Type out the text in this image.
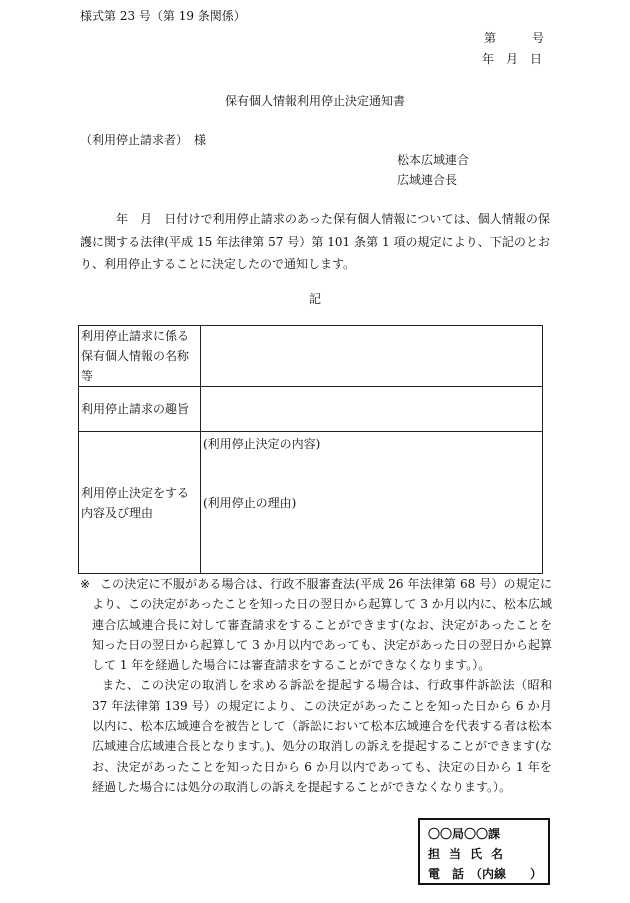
様式第 23 号（第 19 条関係）
第　　　号
年　月　日
保有個人情報利用停止決定通知書
（利用停止請求者）　様
松本広域連合
広域連合長
年　月　日付けで利用停止請求のあった保有個人情報については、個人情報の保護に関する法律(平成 15 年法律第 57 号）第 101 条第 1 項の規定により、下記のとおり、利用停止することに決定したので通知します。
記
利用停止請求に係る保有個人情報の名称等	
利用停止請求の趣旨	
利用停止決定をする内容及び理由	(利用停止決定の内容)
(利用停止の理由)
※ この決定に不服がある場合は、行政不服審査法(平成 26 年法律第 68 号）の規定により、この決定があったことを知った日の翌日から起算して 3 か月以内に、松本広域連合広域連合長に対して審査請求をすることができます(なお、決定があったことを知った日の翌日から起算して 3 か月以内であっても、決定があった日の翌日から起算して 1 年を経過した場合には審査請求をすることができなくなります。）。

また、この決定の取消しを求める訴訟を提起する場合は、行政事件訴訟法（昭和 37 年法律第 139 号）の規定により、この決定があったことを知った日から 6 か月以内に、松本広域連合を被告として（訴訟において松本広域連合を代表する者は松本広域連合広域連合長となります。)、処分の取消しの訴えを提起することができます(なお、決定があったことを知った日から 6 か月以内であっても、決定の日から 1 年を経過した場合には処分の取消しの訴えを提起することができなくなります。）。

〇〇局〇〇課
担当氏名
電　話　（内線　　）
